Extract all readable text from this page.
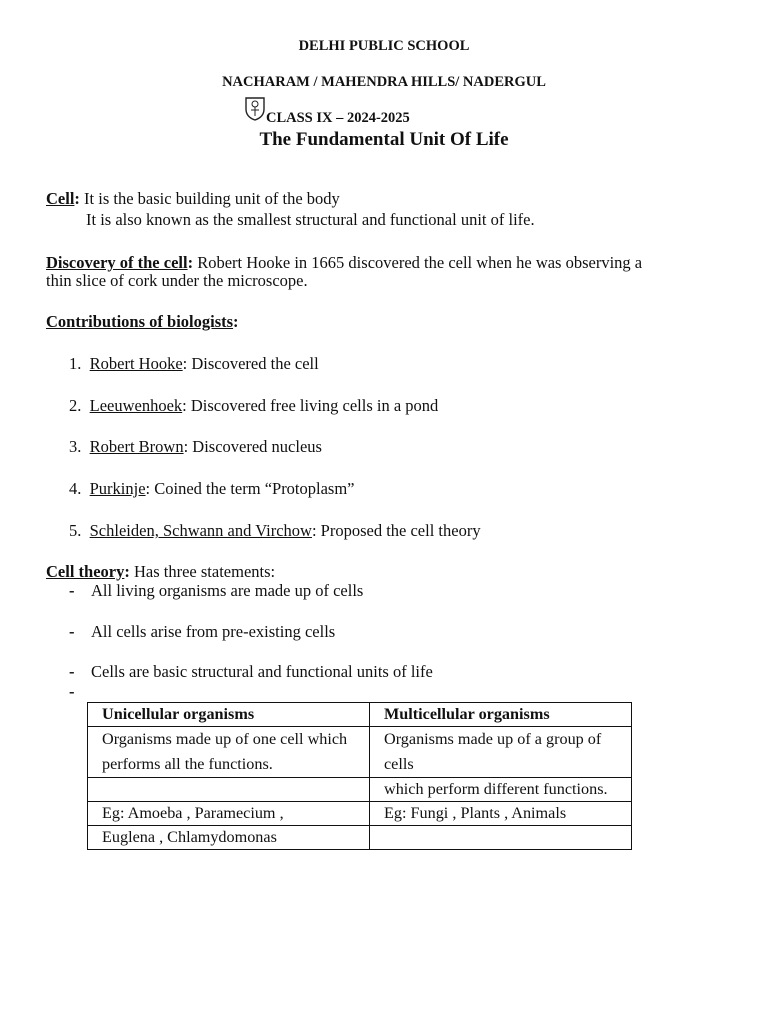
DELHI PUBLIC SCHOOL
NACHARAM / MAHENDRA HILLS/ NADERGUL
CLASS IX – 2024-2025
The Fundamental Unit Of Life
Cell: It is the basic building unit of the body
It is also known as the smallest structural and functional unit of life.
Discovery of the cell: Robert Hooke in 1665 discovered the cell when he was observing a
thin slice of cork under the microscope.
Contributions of biologists:
1. Robert Hooke: Discovered the cell
2. Leeuwenhoek: Discovered free living cells in a pond
3. Robert Brown: Discovered nucleus
4. Purkinje: Coined the term “Protoplasm”
5. Schleiden, Schwann and Virchow: Proposed the cell theory
Cell theory: Has three statements:
- All living organisms are made up of cells
- All cells arise from pre-existing cells
- Cells are basic structural and functional units of life
-
Unicellular organisms	Multicellular organisms
Organisms made up of one cell which performs all the functions.	Organisms made up of a group of cells
	which perform different functions.
Eg: Amoeba , Paramecium ,	Eg: Fungi , Plants , Animals
Euglena , Chlamydomonas	
